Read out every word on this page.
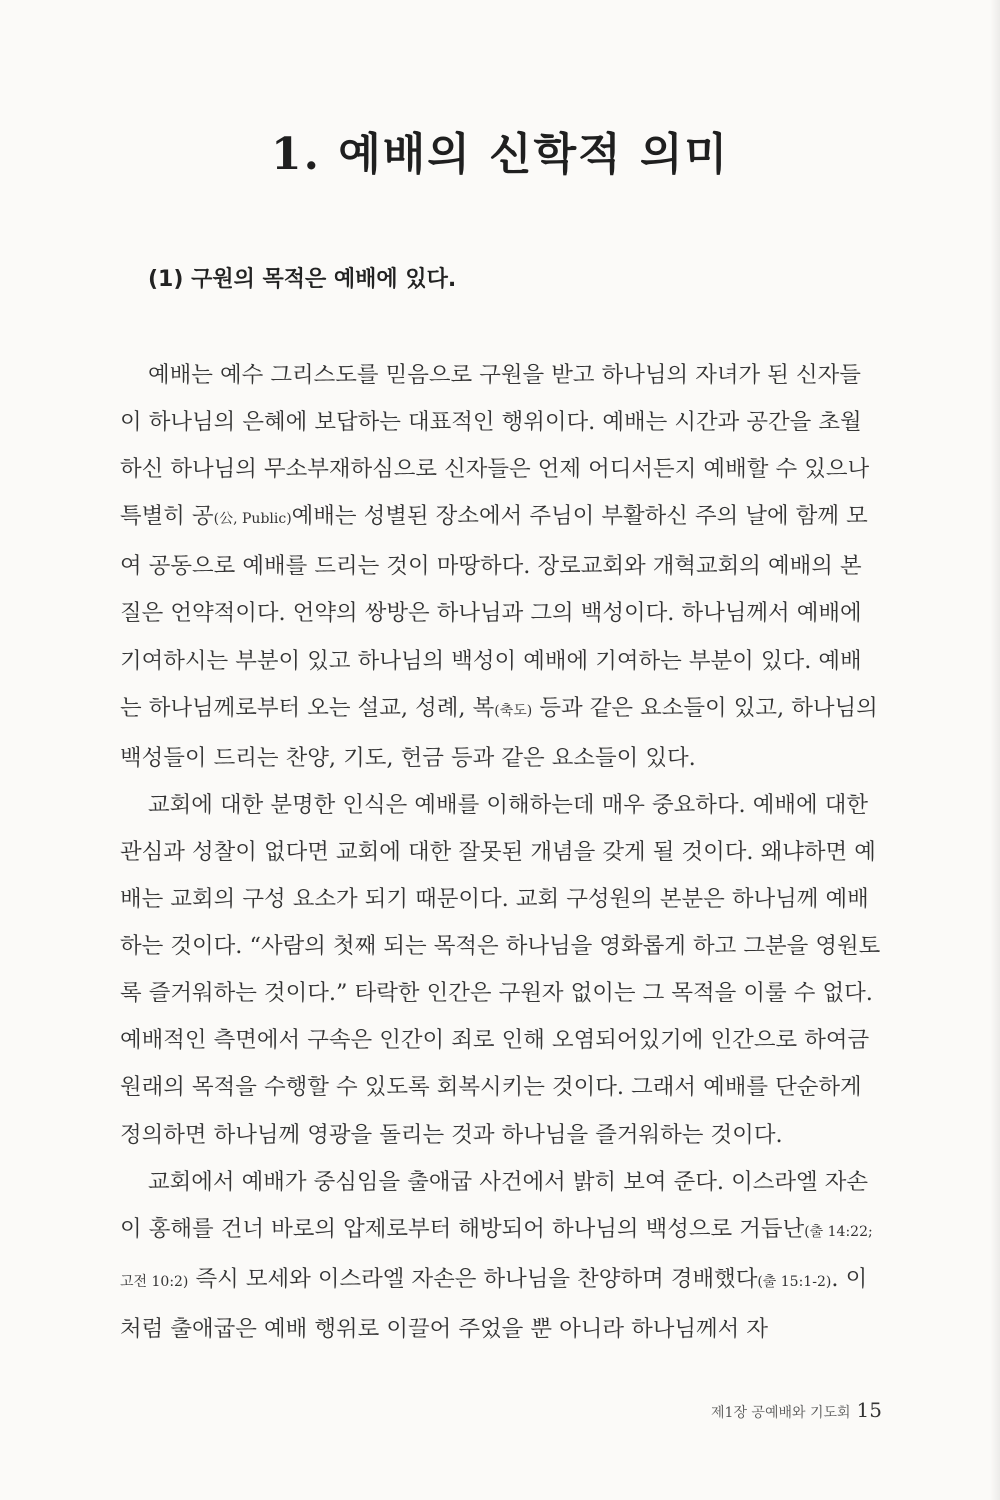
1. 예배의 신학적 의미
(1) 구원의 목적은 예배에 있다.

예배는 예수 그리스도를 믿음으로 구원을 받고 하나님의 자녀가 된 신자들이 하나님의 은혜에 보답하는 대표적인 행위이다. 예배는 시간과 공간을 초월하신 하나님의 무소부재하심으로 신자들은 언제 어디서든지 예배할 수 있으나 특별히 공(公, Public)예배는 성별된 장소에서 주님이 부활하신 주의 날에 함께 모여 공동으로 예배를 드리는 것이 마땅하다. 장로교회와 개혁교회의 예배의 본질은 언약적이다. 언약의 쌍방은 하나님과 그의 백성이다. 하나님께서 예배에 기여하시는 부분이 있고 하나님의 백성이 예배에 기여하는 부분이 있다. 예배는 하나님께로부터 오는 설교, 성례, 복(축도) 등과 같은 요소들이 있고, 하나님의 백성들이 드리는 찬양, 기도, 헌금 등과 같은 요소들이 있다.

교회에 대한 분명한 인식은 예배를 이해하는데 매우 중요하다. 예배에 대한 관심과 성찰이 없다면 교회에 대한 잘못된 개념을 갖게 될 것이다. 왜냐하면 예배는 교회의 구성 요소가 되기 때문이다. 교회 구성원의 본분은 하나님께 예배하는 것이다. “사람의 첫째 되는 목적은 하나님을 영화롭게 하고 그분을 영원토록 즐거워하는 것이다.” 타락한 인간은 구원자 없이는 그 목적을 이룰 수 없다. 예배적인 측면에서 구속은 인간이 죄로 인해 오염되어있기에 인간으로 하여금 원래의 목적을 수행할 수 있도록 회복시키는 것이다. 그래서 예배를 단순하게 정의하면 하나님께 영광을 돌리는 것과 하나님을 즐거워하는 것이다.

교회에서 예배가 중심임을 출애굽 사건에서 밝히 보여 준다. 이스라엘 자손이 홍해를 건너 바로의 압제로부터 해방되어 하나님의 백성으로 거듭난(출 14:22; 고전 10:2) 즉시 모세와 이스라엘 자손은 하나님을 찬양하며 경배했다(출 15:1-2). 이처럼 출애굽은 예배 행위로 이끌어 주었을 뿐 아니라 하나님께서 자

제1장 공예배와 기도회 15
